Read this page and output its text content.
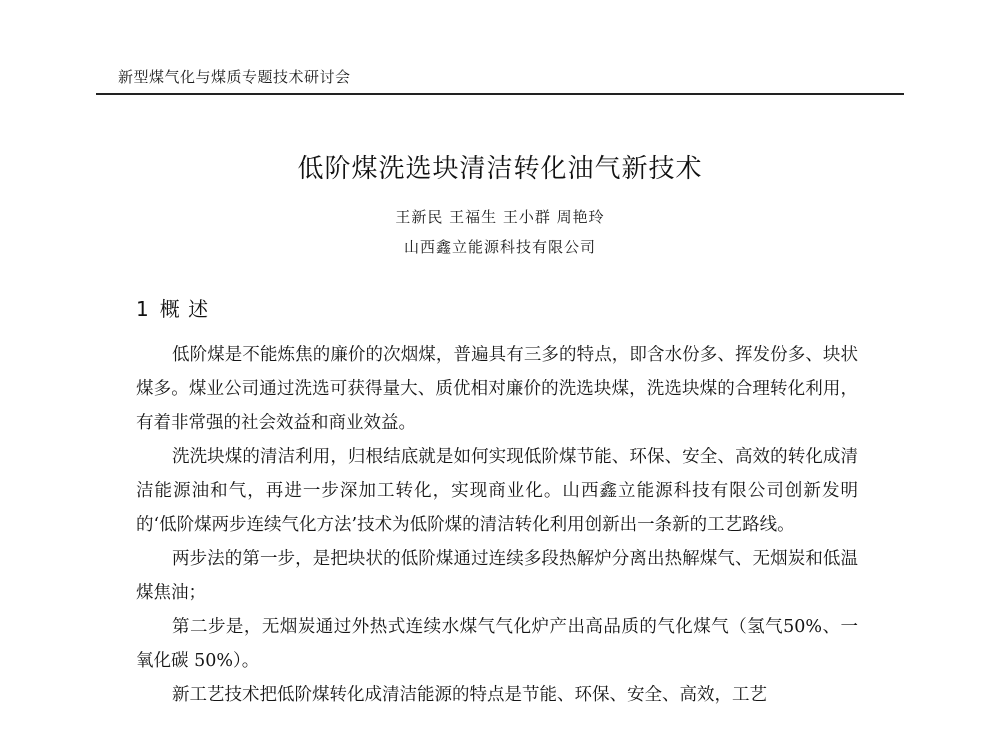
新型煤气化与煤质专题技术研讨会
低阶煤洗选块清洁转化油气新技术
王新民 王福生 王小群 周艳玲
山西鑫立能源科技有限公司
1 概 述

低阶煤是不能炼焦的廉价的次烟煤，普遍具有三多的特点，即含水份多、挥发份多、块状煤多。煤业公司通过洗选可获得量大、质优相对廉价的洗选块煤，洗选块煤的合理转化利用，有着非常强的社会效益和商业效益。

洗洗块煤的清洁利用，归根结底就是如何实现低阶煤节能、环保、安全、高效的转化成清洁能源油和气，再进一步深加工转化，实现商业化。山西鑫立能源科技有限公司创新发明的‘低阶煤两步连续气化方法’技术为低阶煤的清洁转化利用创新出一条新的工艺路线。

两步法的第一步，是把块状的低阶煤通过连续多段热解炉分离出热解煤气、无烟炭和低温煤焦油；

第二步是，无烟炭通过外热式连续水煤气气化炉产出高品质的气化煤气（氢气50%、一氧化碳 50%）。

新工艺技术把低阶煤转化成清洁能源的特点是节能、环保、安全、高效，工艺
